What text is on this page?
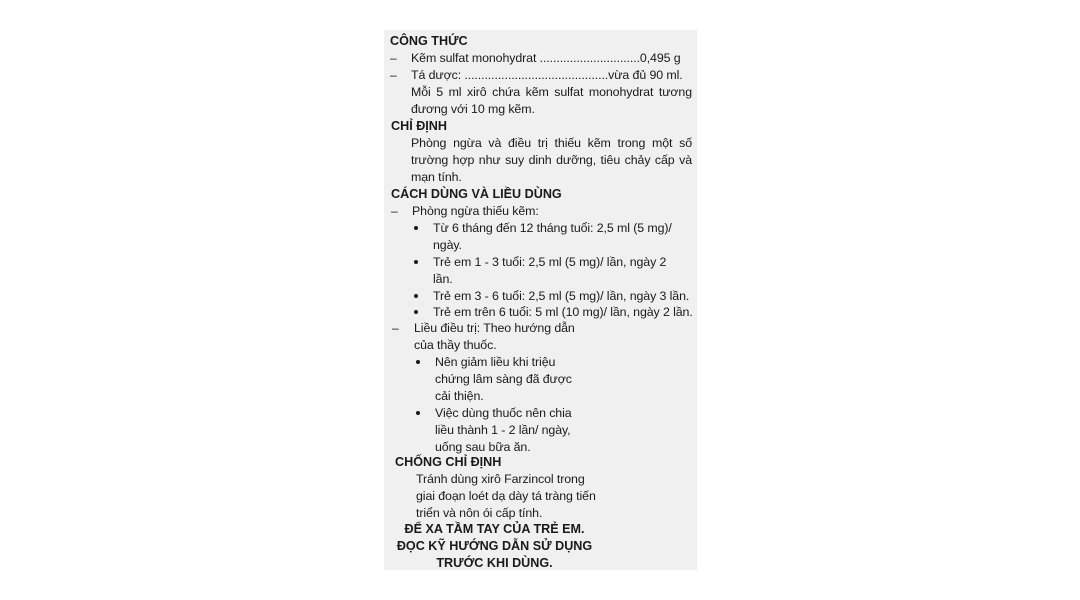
CÔNG THỨC
– Kẽm sulfat monohydrat ..............................0,495 g
– Tá dược: ...........................................vừa đủ 90 ml.
Mỗi 5 ml xirô chứa kẽm sulfat monohydrat tương
đương với 10 mg kẽm.
CHỈ ĐỊNH
Phòng ngừa và điều trị thiếu kẽm trong một số
trường hợp như suy dinh dưỡng, tiêu chảy cấp và
mạn tính.
CÁCH DÙNG VÀ LIỀU DÙNG
– Phòng ngừa thiếu kẽm:
Từ 6 tháng đến 12 tháng tuổi: 2,5 ml (5 mg)/
ngày.
Trẻ em 1 - 3 tuổi: 2,5 ml (5 mg)/ lần, ngày 2
lần.
Trẻ em 3 - 6 tuổi: 2,5 ml (5 mg)/ lần, ngày 3 lần.
Trẻ em trên 6 tuổi: 5 ml (10 mg)/ lần, ngày 2 lần.
– Liều điều trị: Theo hướng dẫn
của thầy thuốc.
Nên giảm liều khi triệu
chứng lâm sàng đã được
cải thiện.
Việc dùng thuốc nên chia
liều thành 1 - 2 lần/ ngày,
uống sau bữa ăn.
CHỐNG CHỈ ĐỊNH
Tránh dùng xirô Farzincol trong
giai đoạn loét dạ dày tá tràng tiến
triển và nôn ói cấp tính.
ĐỂ XA TẦM TAY CỦA TRẺ EM.
ĐỌC KỸ HƯỚNG DẪN SỬ DỤNG
TRƯỚC KHI DÙNG.
